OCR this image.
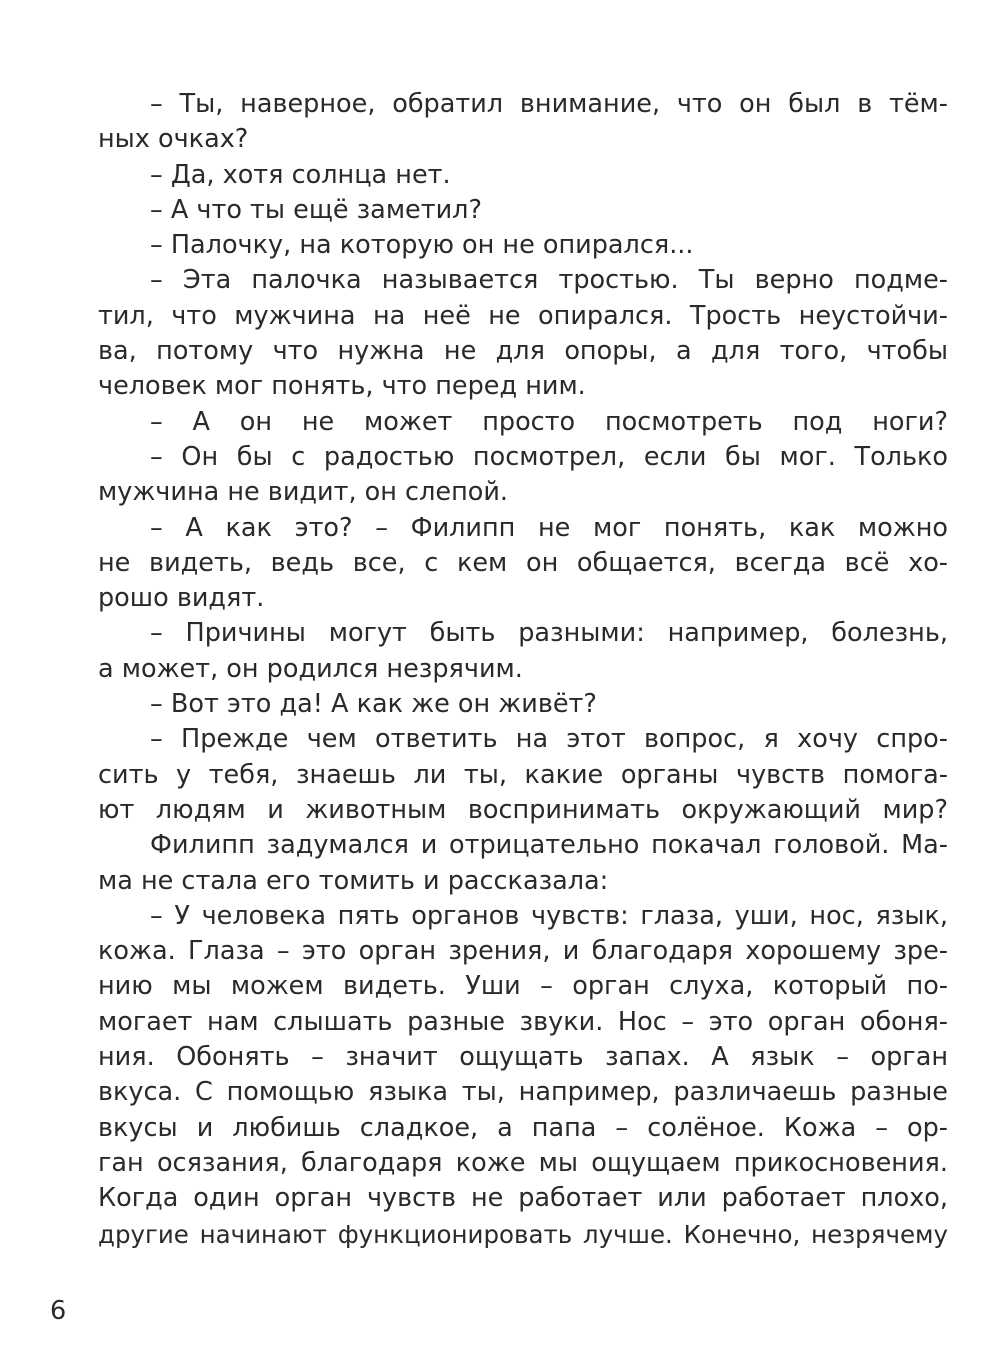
– Ты, наверное, обратил внимание, что он был в тём-
ных очках?
– Да, хотя солнца нет.
– А что ты ещё заметил?
– Палочку, на которую он не опирался...
– Эта палочка называется тростью. Ты верно подме-
тил, что мужчина на неё не опирался. Трость неустойчи-
ва, потому что нужна не для опоры, а для того, чтобы
человек мог понять, что перед ним.
– А он не может просто посмотреть под ноги?
– Он бы с радостью посмотрел, если бы мог. Только
мужчина не видит, он слепой.
– А как это? – Филипп не мог понять, как можно
не видеть, ведь все, с кем он общается, всегда всё хо-
рошо видят.
– Причины могут быть разными: например, болезнь,
а может, он родился незрячим.
– Вот это да! А как же он живёт?
– Прежде чем ответить на этот вопрос, я хочу спро-
сить у тебя, знаешь ли ты, какие органы чувств помога-
ют людям и животным воспринимать окружающий мир?
Филипп задумался и отрицательно покачал головой. Ма-
ма не стала его томить и рассказала:
– У человека пять органов чувств: глаза, уши, нос, язык,
кожа. Глаза – это орган зрения, и благодаря хорошему зре-
нию мы можем видеть. Уши – орган слуха, который по-
могает нам слышать разные звуки. Нос – это орган обоня-
ния. Обонять – значит ощущать запах. А язык – орган
вкуса. С помощью языка ты, например, различаешь разные
вкусы и любишь сладкое, а папа – солёное. Кожа – ор-
ган осязания, благодаря коже мы ощущаем прикосновения.
Когда один орган чувств не работает или работает плохо,
другие начинают функционировать лучше. Конечно, незрячему
6
